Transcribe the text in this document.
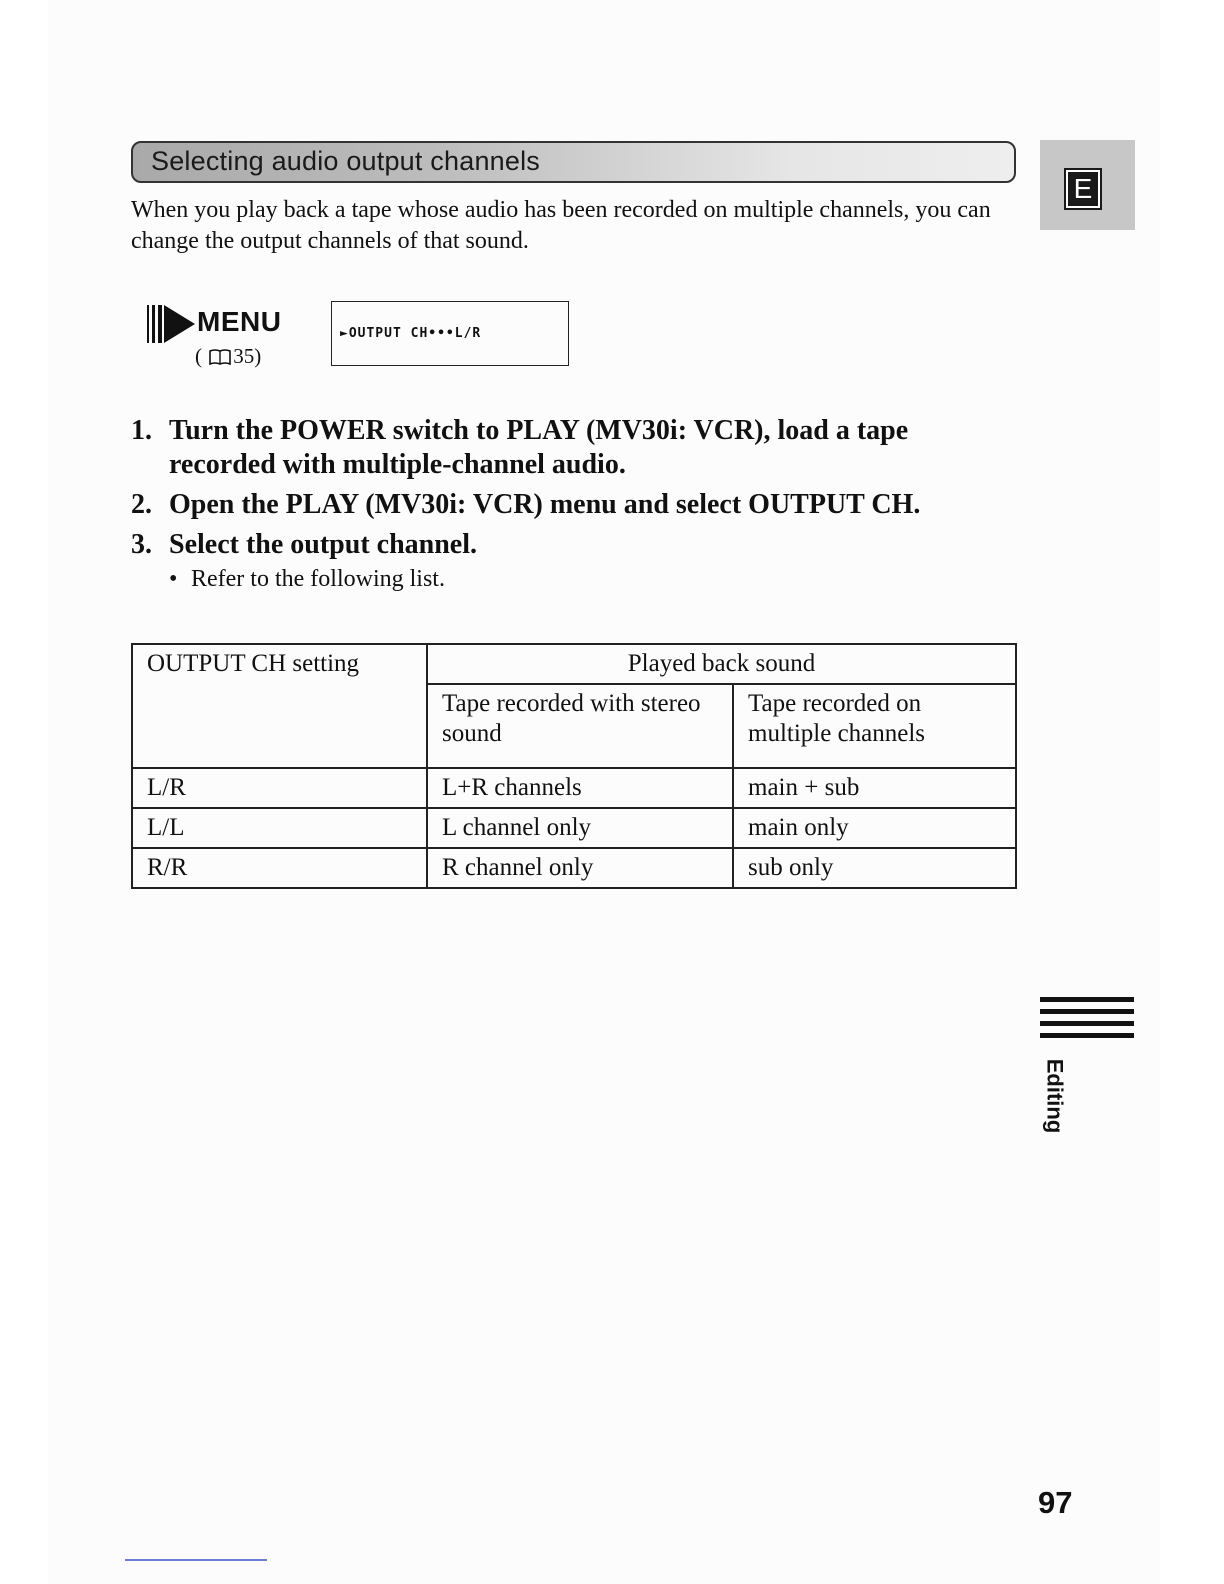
Selecting audio output channels
E
When you play back a tape whose audio has been recorded on multiple channels, you can change the output channels of that sound.
MENU
( 35)
►OUTPUT CH•••L/R
1. Turn the POWER switch to PLAY (MV30i: VCR), load a tape recorded with multiple-channel audio.
2. Open the PLAY (MV30i: VCR) menu and select OUTPUT CH.
3. Select the output channel.
• Refer to the following list.
OUTPUT CH setting	Played back sound	
	Tape recorded with stereo sound	Tape recorded on multiple channels
L/R	L+R channels	main + sub
L/L	L channel only	main only
R/R	R channel only	sub only
Editing
97
